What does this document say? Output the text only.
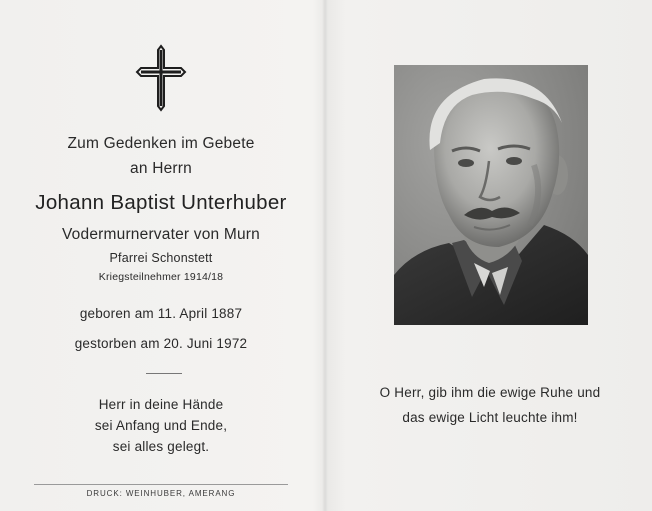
Zum Gedenken im Gebete
an Herrn
Johann Baptist Unterhuber
Vodermurnervater von Murn
Pfarrei Schonstett
Kriegsteilnehmer 1914/18
geboren am 11. April 1887
gestorben am 20. Juni 1972
Herr in deine Hände
sei Anfang und Ende,
sei alles gelegt.
DRUCK: WEINHUBER, AMERANG
O Herr, gib ihm die ewige Ruhe und
das ewige Licht leuchte ihm!
